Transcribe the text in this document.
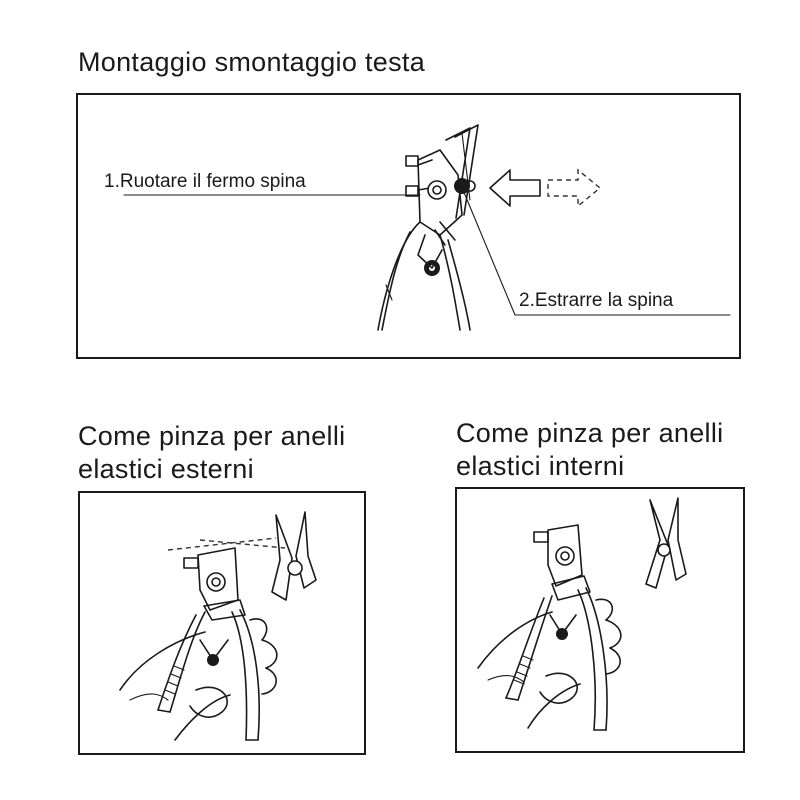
Montaggio smontaggio testa
Come pinza per anelli elastici esterni
Come pinza per anelli elastici interni
1.Ruotare il fermo spina
2.Estrarre la spina
